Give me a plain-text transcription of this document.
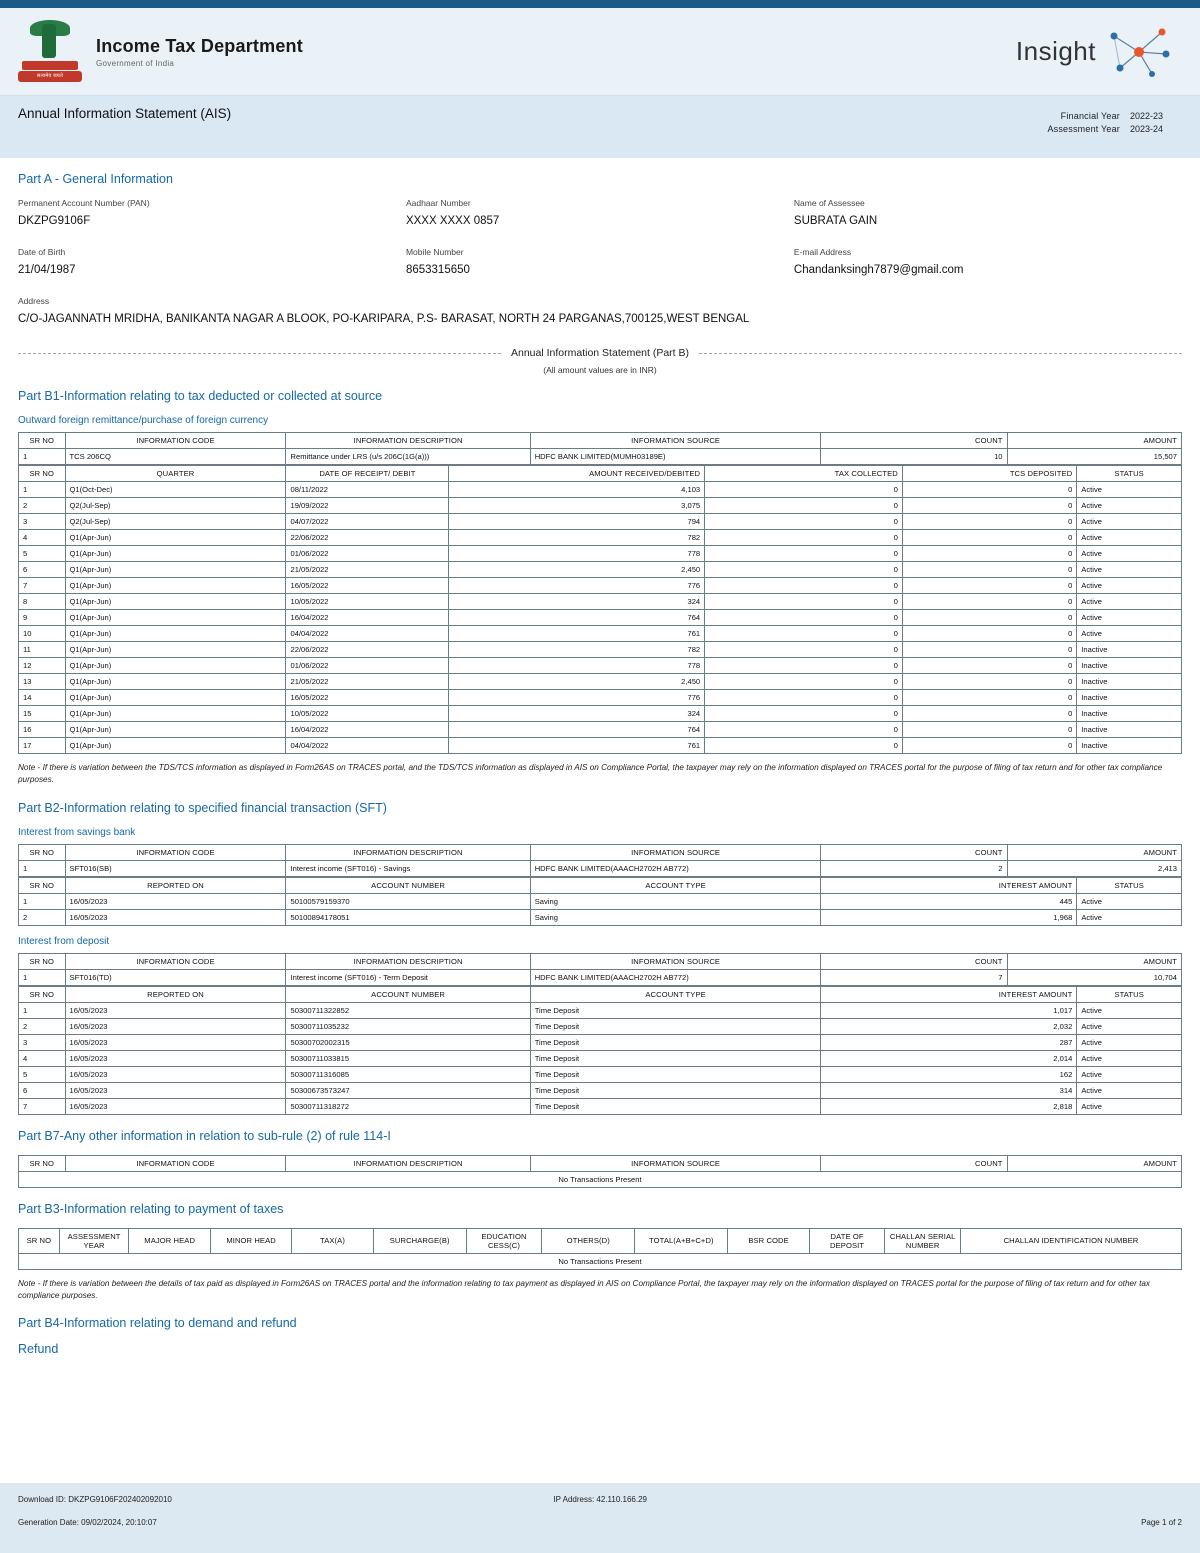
सत्यमेव जयते
Income Tax Department
Government of India	Insight
Annual Information Statement (AIS)	Financial Year 2022-23
Assessment Year 2023-24
Part A - General Information
Permanent Account Number (PAN)
DKZPG9106F
Aadhaar Number
XXXX XXXX 0857
Name of Assessee
SUBRATA GAIN
Date of Birth
21/04/1987
Mobile Number
8653315650
E-mail Address
Chandanksingh7879@gmail.com
Address
C/O-JAGANNATH MRIDHA, BANIKANTA NAGAR A BLOOK, PO-KARIPARA, P.S- BARASAT, NORTH 24 PARGANAS,700125,WEST BENGAL
Annual Information Statement (Part B)
(All amount values are in INR)
Part B1-Information relating to tax deducted or collected at source
Outward foreign remittance/purchase of foreign currency
SR NO	INFORMATION CODE	INFORMATION DESCRIPTION	INFORMATION SOURCE	COUNT	AMOUNT
1	TCS 206CQ	Remittance under LRS (u/s 206C(1G(a)))	HDFC BANK LIMITED(MUMH03189E)	10	15,507
SR NO	QUARTER	DATE OF RECEIPT/ DEBIT	AMOUNT RECEIVED/DEBITED	TAX COLLECTED	TCS DEPOSITED	STATUS
1	Q1(Oct-Dec)	08/11/2022	4,103	0	0	Active
2	Q2(Jul-Sep)	19/09/2022	3,075	0	0	Active
3	Q2(Jul-Sep)	04/07/2022	794	0	0	Active
4	Q1(Apr-Jun)	22/06/2022	782	0	0	Active
5	Q1(Apr-Jun)	01/06/2022	778	0	0	Active
6	Q1(Apr-Jun)	21/05/2022	2,450	0	0	Active
7	Q1(Apr-Jun)	16/05/2022	776	0	0	Active
8	Q1(Apr-Jun)	10/05/2022	324	0	0	Active
9	Q1(Apr-Jun)	16/04/2022	764	0	0	Active
10	Q1(Apr-Jun)	04/04/2022	761	0	0	Active
11	Q1(Apr-Jun)	22/06/2022	782	0	0	Inactive
12	Q1(Apr-Jun)	01/06/2022	778	0	0	Inactive
13	Q1(Apr-Jun)	21/05/2022	2,450	0	0	Inactive
14	Q1(Apr-Jun)	16/05/2022	776	0	0	Inactive
15	Q1(Apr-Jun)	10/05/2022	324	0	0	Inactive
16	Q1(Apr-Jun)	16/04/2022	764	0	0	Inactive
17	Q1(Apr-Jun)	04/04/2022	761	0	0	Inactive
Note - If there is variation between the TDS/TCS information as displayed in Form26AS on TRACES portal, and the TDS/TCS information as displayed in AIS on Compliance Portal, the taxpayer may rely on the information displayed on TRACES portal for the purpose of filing of tax return and for other tax compliance purposes.
Part B2-Information relating to specified financial transaction (SFT)
Interest from savings bank
SR NO	INFORMATION CODE	INFORMATION DESCRIPTION	INFORMATION SOURCE	COUNT	AMOUNT
1	SFT016(SB)	Interest income (SFT016) - Savings	HDFC BANK LIMITED(AAACH2702H AB772)	2	2,413
SR NO	REPORTED ON	ACCOUNT NUMBER	ACCOUNT TYPE	INTEREST AMOUNT	STATUS
1	16/05/2023	50100579159370	Saving	445	Active
2	16/05/2023	50100894178051	Saving	1,968	Active
Interest from deposit
SR NO	INFORMATION CODE	INFORMATION DESCRIPTION	INFORMATION SOURCE	COUNT	AMOUNT
1	SFT016(TD)	Interest income (SFT016) - Term Deposit	HDFC BANK LIMITED(AAACH2702H AB772)	7	10,704
SR NO	REPORTED ON	ACCOUNT NUMBER	ACCOUNT TYPE	INTEREST AMOUNT	STATUS
1	16/05/2023	50300711322852	Time Deposit	1,017	Active
2	16/05/2023	50300711035232	Time Deposit	2,032	Active
3	16/05/2023	50300702002315	Time Deposit	287	Active
4	16/05/2023	50300711033815	Time Deposit	2,014	Active
5	16/05/2023	50300711316085	Time Deposit	162	Active
6	16/05/2023	50300673573247	Time Deposit	314	Active
7	16/05/2023	50300711318272	Time Deposit	2,818	Active
Part B7-Any other information in relation to sub-rule (2) of rule 114-I
SR NO	INFORMATION CODE	INFORMATION DESCRIPTION	INFORMATION SOURCE	COUNT	AMOUNT
No Transactions Present
Part B3-Information relating to payment of taxes
SR NO	ASSESSMENT YEAR	MAJOR HEAD	MINOR HEAD	TAX(A)	SURCHARGE(B)	EDUCATION CESS(C)	OTHERS(D)	TOTAL(A+B+C+D)	BSR CODE	DATE OF DEPOSIT	CHALLAN SERIAL NUMBER	CHALLAN IDENTIFICATION NUMBER
No Transactions Present
Note - If there is variation between the details of tax paid as displayed in Form26AS on TRACES portal and the information relating to tax payment as displayed in AIS on Compliance Portal, the taxpayer may rely on the information displayed on TRACES portal for the purpose of filing of tax return and for other tax compliance purposes.
Part B4-Information relating to demand and refund
Refund
Download ID: DKZPG9106F202402092010	IP Address: 42.110.166.29
Generation Date: 09/02/2024, 20:10:07	Page 1 of 2
